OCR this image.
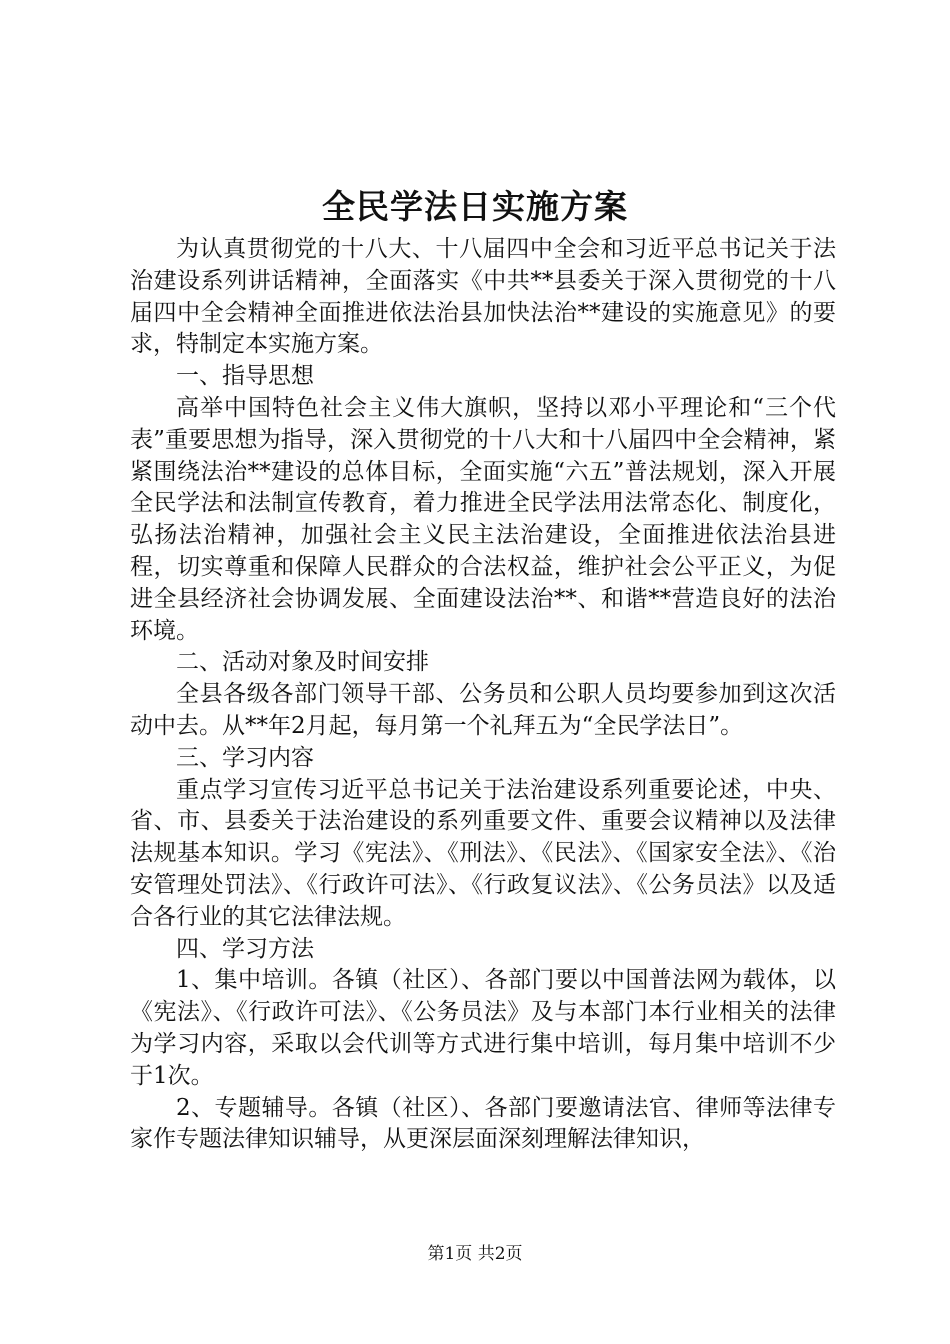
全民学法日实施方案

为认真贯彻党的十八大、十八届四中全会和习近平总书记关于法治建设系列讲话精神，全面落实《中共**县委关于深入贯彻党的十八届四中全会精神全面推进依法治县加快法治**建设的实施意见》的要求，特制定本实施方案。

一、指导思想

高举中国特色社会主义伟大旗帜，坚持以邓小平理论和“三个代表”重要思想为指导，深入贯彻党的十八大和十八届四中全会精神，紧紧围绕法治**建设的总体目标，全面实施“六五”普法规划，深入开展全民学法和法制宣传教育，着力推进全民学法用法常态化、制度化，弘扬法治精神，加强社会主义民主法治建设，全面推进依法治县进程，切实尊重和保障人民群众的合法权益，维护社会公平正义，为促进全县经济社会协调发展、全面建设法治**、和谐**营造良好的法治环境。

二、活动对象及时间安排

全县各级各部门领导干部、公务员和公职人员均要参加到这次活动中去。从**年2月起，每月第一个礼拜五为“全民学法日”。

三、学习内容

重点学习宣传习近平总书记关于法治建设系列重要论述，中央、省、市、县委关于法治建设的系列重要文件、重要会议精神以及法律法规基本知识。学习《宪法》、《刑法》、《民法》、《国家安全法》、《治安管理处罚法》、《行政许可法》、《行政复议法》、《公务员法》以及适合各行业的其它法律法规。

四、学习方法

1、集中培训。各镇（社区）、各部门要以中国普法网为载体，以《宪法》、《行政许可法》、《公务员法》及与本部门本行业相关的法律为学习内容，采取以会代训等方式进行集中培训，每月集中培训不少于1次。

2、专题辅导。各镇（社区）、各部门要邀请法官、律师等法律专家作专题法律知识辅导，从更深层面深刻理解法律知识，

第1页 共2页
